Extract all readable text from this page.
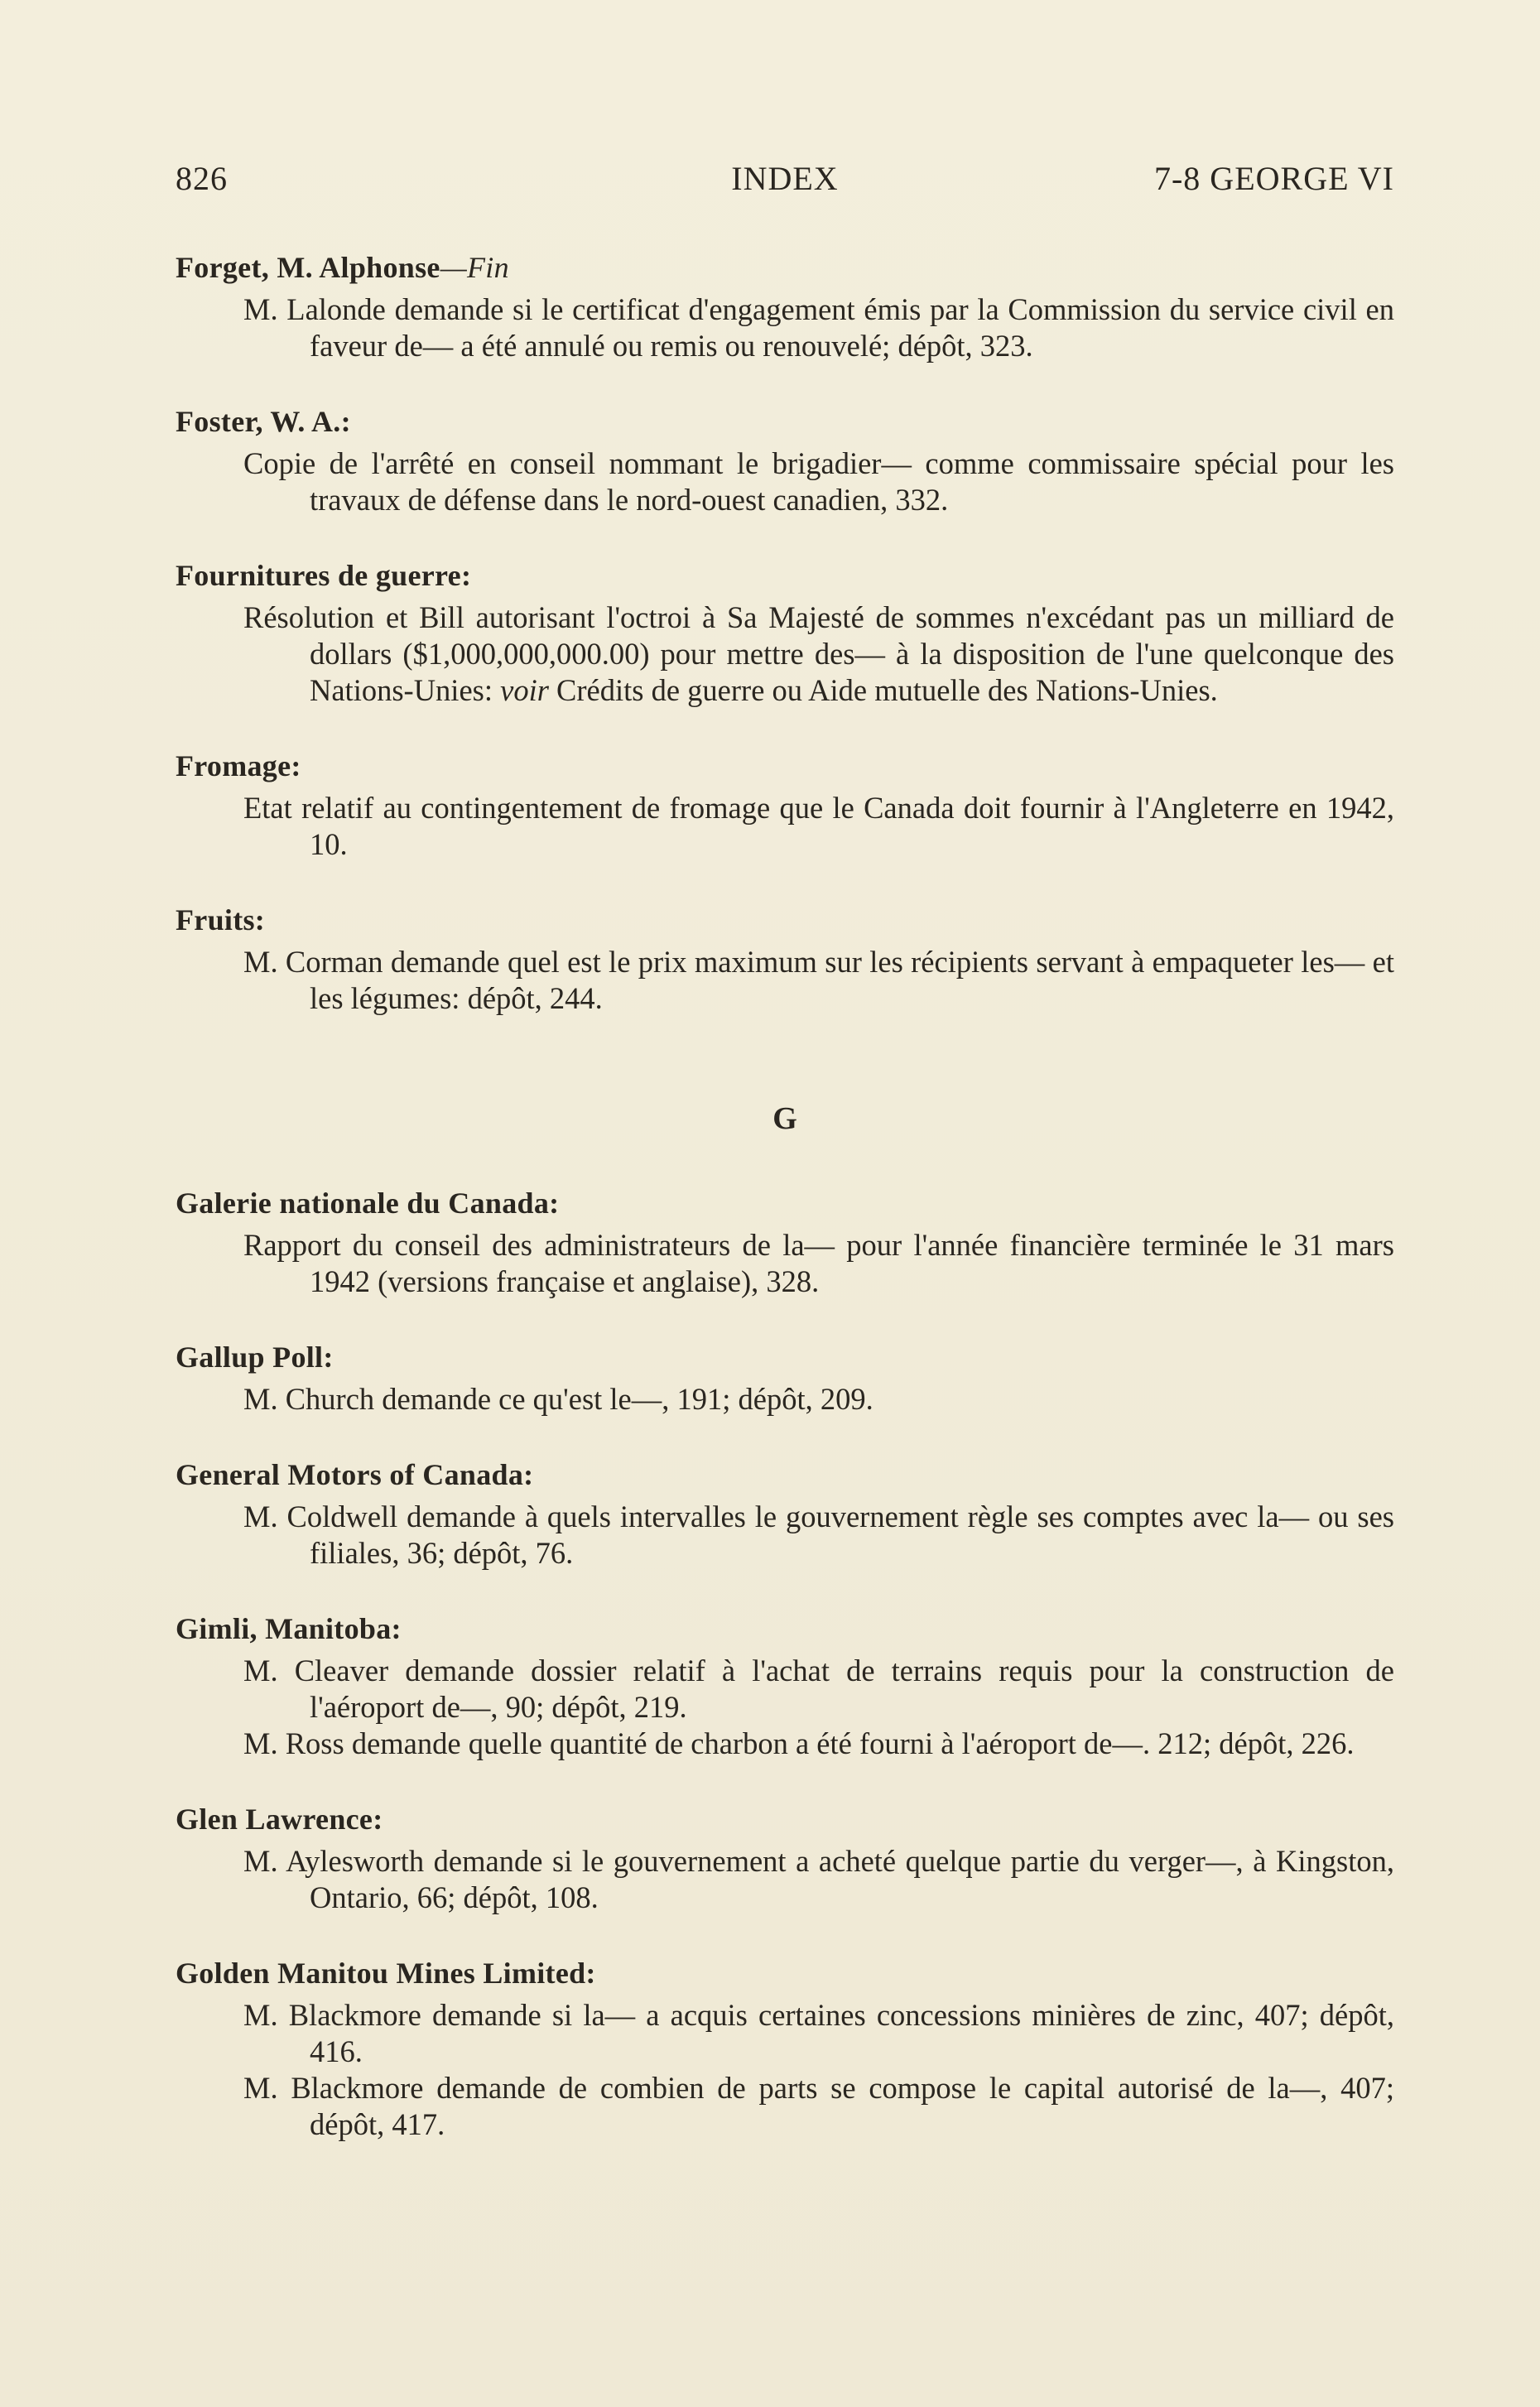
826	INDEX	7-8 GEORGE VI

Forget, M. Alphonse—Fin

M. Lalonde demande si le certificat d'engagement émis par la Commission du service civil en faveur de— a été annulé ou remis ou renouvelé; dépôt, 323.

Foster, W. A.:

Copie de l'arrêté en conseil nommant le brigadier— comme commissaire spécial pour les travaux de défense dans le nord-ouest canadien, 332.

Fournitures de guerre:

Résolution et Bill autorisant l'octroi à Sa Majesté de sommes n'excédant pas un milliard de dollars ($1,000,000,000.00) pour mettre des— à la disposition de l'une quelconque des Nations-Unies: voir Crédits de guerre ou Aide mutuelle des Nations-Unies.

Fromage:

Etat relatif au contingentement de fromage que le Canada doit fournir à l'Angleterre en 1942, 10.

Fruits:

M. Corman demande quel est le prix maximum sur les récipients servant à empaqueter les— et les légumes: dépôt, 244.

G

Galerie nationale du Canada:

Rapport du conseil des administrateurs de la— pour l'année financière terminée le 31 mars 1942 (versions française et anglaise), 328.

Gallup Poll:

M. Church demande ce qu'est le—, 191; dépôt, 209.

General Motors of Canada:

M. Coldwell demande à quels intervalles le gouvernement règle ses comptes avec la— ou ses filiales, 36; dépôt, 76.

Gimli, Manitoba:

M. Cleaver demande dossier relatif à l'achat de terrains requis pour la construction de l'aéroport de—, 90; dépôt, 219.

M. Ross demande quelle quantité de charbon a été fourni à l'aéroport de—. 212; dépôt, 226.

Glen Lawrence:

M. Aylesworth demande si le gouvernement a acheté quelque partie du verger—, à Kingston, Ontario, 66; dépôt, 108.

Golden Manitou Mines Limited:

M. Blackmore demande si la— a acquis certaines concessions minières de zinc, 407; dépôt, 416.

M. Blackmore demande de combien de parts se compose le capital autorisé de la—, 407; dépôt, 417.
